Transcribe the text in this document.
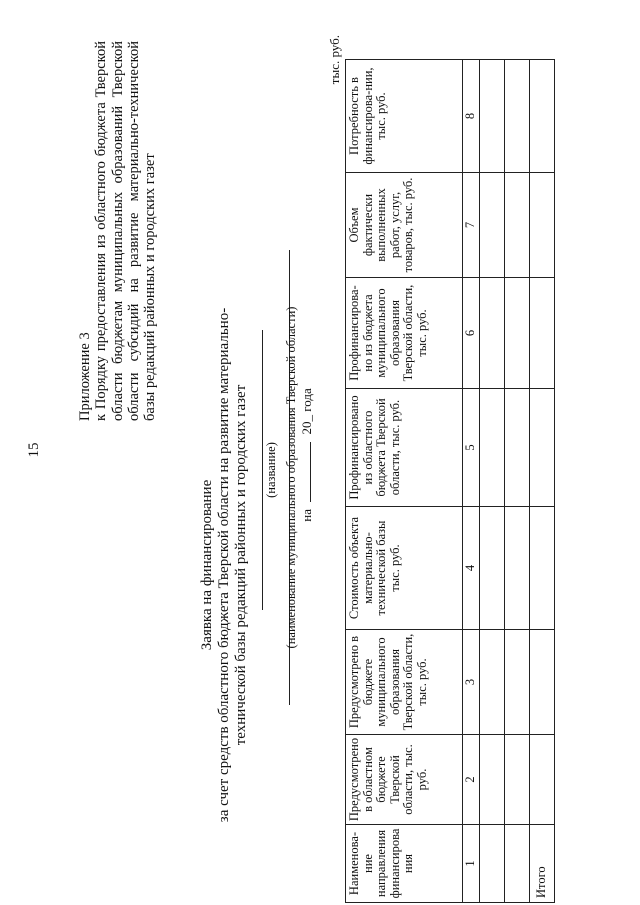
15
Приложение 3 к Порядку предоставления из областного бюджета Тверской области бюджетам муниципальных образований Тверской области субсидий на развитие материально-технической базы редакций районных и городских газет
Заявка на финансирование за счет средств областного бюджета Тверской области на развитие материально-технической базы редакций районных и городских газет (название) (наименование муниципального образования Тверской области) на  20_ года
тыс. руб.
Наименова-ние направления финансирова ния	Предусмотрено в областном бюджете Тверской области, тыс. руб.	Предусмотрено в бюджете муниципального образования Тверской области, тыс. руб.	Стоимость объекта материально-технической базы тыс. руб.	Профинансировано из областного бюджета Тверской области, тыс. руб.	Профинансирова-но из бюджета муниципального образования Тверской области, тыс. руб.	Объем фактически выполненных работ, услуг, товаров, тыс. руб.	Потребность в финансирова-нии, тыс. руб.
1	2	3	4	5	6	7	8

Итого							
